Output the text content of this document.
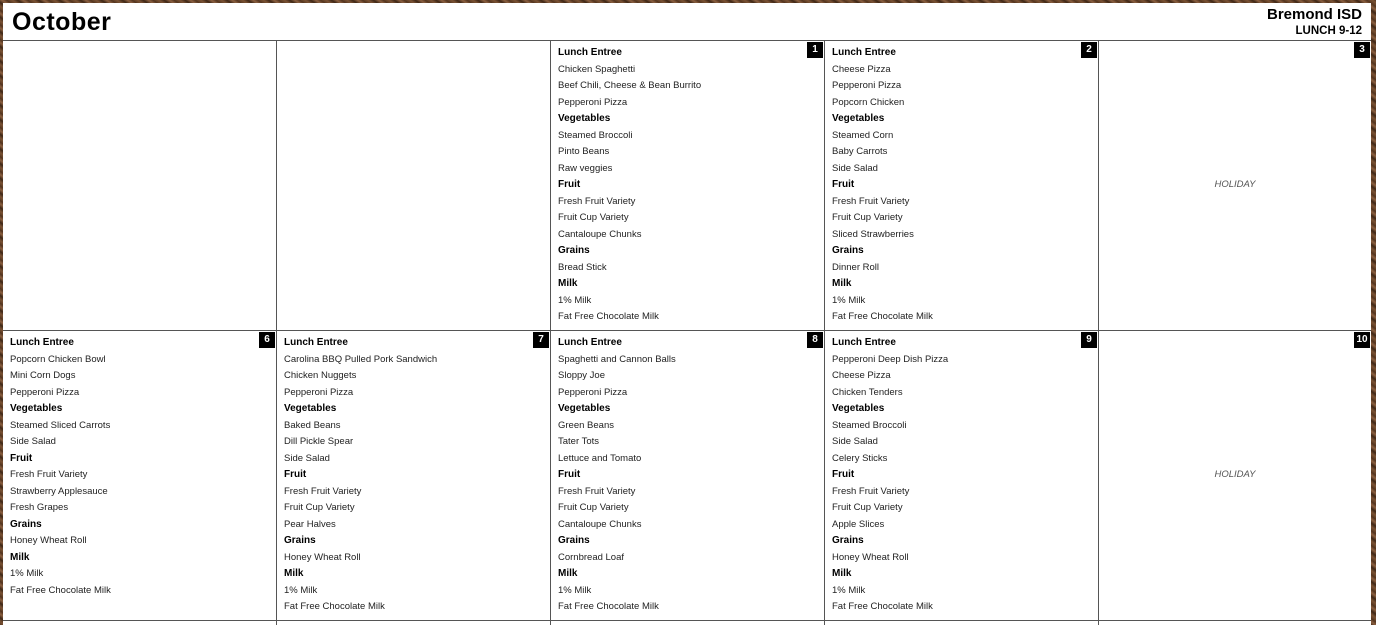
October	Bremond ISD
LUNCH 9-12
1
Lunch Entree
Chicken Spaghetti
Beef Chili, Cheese & Bean Burrito
Pepperoni Pizza
Vegetables
Steamed Broccoli
Pinto Beans
Raw veggies
Fruit
Fresh Fruit Variety
Fruit Cup Variety
Cantaloupe Chunks
Grains
Bread Stick
Milk
1% Milk
Fat Free Chocolate Milk
2
Lunch Entree
Cheese Pizza
Pepperoni Pizza
Popcorn Chicken
Vegetables
Steamed Corn
Baby Carrots
Side Salad
Fruit
Fresh Fruit Variety
Fruit Cup Variety
Sliced Strawberries
Grains
Dinner Roll
Milk
1% Milk
Fat Free Chocolate Milk
3
HOLIDAY
6
Lunch Entree
Popcorn Chicken Bowl
Mini Corn Dogs
Pepperoni Pizza
Vegetables
Steamed Sliced Carrots
Side Salad
Fruit
Fresh Fruit Variety
Strawberry Applesauce
Fresh Grapes
Grains
Honey Wheat Roll
Milk
1% Milk
Fat Free Chocolate Milk
7
Lunch Entree
Carolina BBQ Pulled Pork Sandwich
Chicken Nuggets
Pepperoni Pizza
Vegetables
Baked Beans
Dill Pickle Spear
Side Salad
Fruit
Fresh Fruit Variety
Fruit Cup Variety
Pear Halves
Grains
Honey Wheat Roll
Milk
1% Milk
Fat Free Chocolate Milk
8
Lunch Entree
Spaghetti and Cannon Balls
Sloppy Joe
Pepperoni Pizza
Vegetables
Green Beans
Tater Tots
Lettuce and Tomato
Fruit
Fresh Fruit Variety
Fruit Cup Variety
Cantaloupe Chunks
Grains
Cornbread Loaf
Milk
1% Milk
Fat Free Chocolate Milk
9
Lunch Entree
Pepperoni Deep Dish Pizza
Cheese Pizza
Chicken Tenders
Vegetables
Steamed Broccoli
Side Salad
Celery Sticks
Fruit
Fresh Fruit Variety
Fruit Cup Variety
Apple Slices
Grains
Honey Wheat Roll
Milk
1% Milk
Fat Free Chocolate Milk
10
HOLIDAY
